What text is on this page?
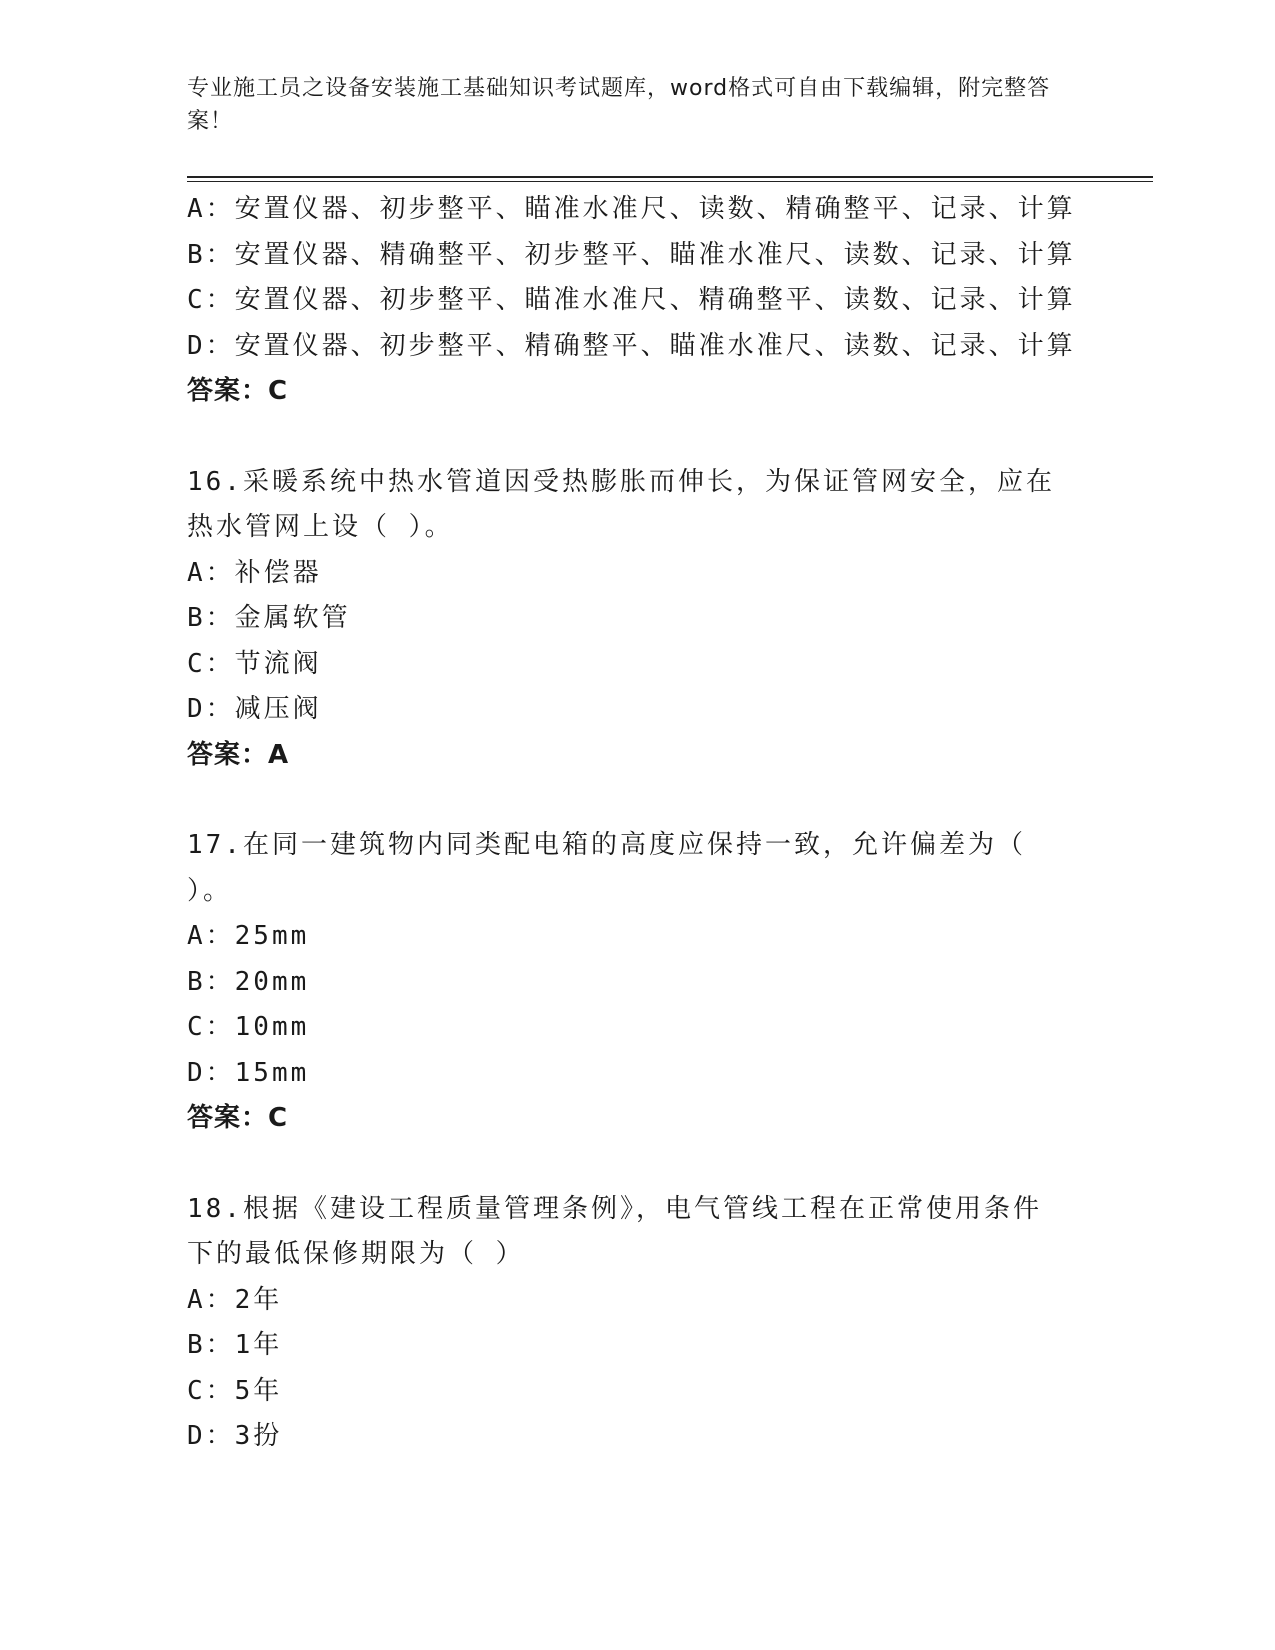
专业施工员之设备安装施工基础知识考试题库，word格式可自由下载编辑，附完整答案！
A：安置仪器、初步整平、瞄准水准尺、读数、精确整平、记录、计算
B：安置仪器、精确整平、初步整平、瞄准水准尺、读数、记录、计算
C：安置仪器、初步整平、瞄准水准尺、精确整平、读数、记录、计算
D：安置仪器、初步整平、精确整平、瞄准水准尺、读数、记录、计算
答案：C
16.采暖系统中热水管道因受热膨胀而伸长，为保证管网安全，应在热水管网上设（ ）。
A：补偿器
B：金属软管
C：节流阀
D：减压阀
答案：A
17.在同一建筑物内同类配电箱的高度应保持一致，允许偏差为（ ）。
A：25mm
B：20mm
C：10mm
D：15mm
答案：C
18.根据《建设工程质量管理条例》，电气管线工程在正常使用条件下的最低保修期限为（ ）
A：2年
B：1年
C：5年
D：3扮
